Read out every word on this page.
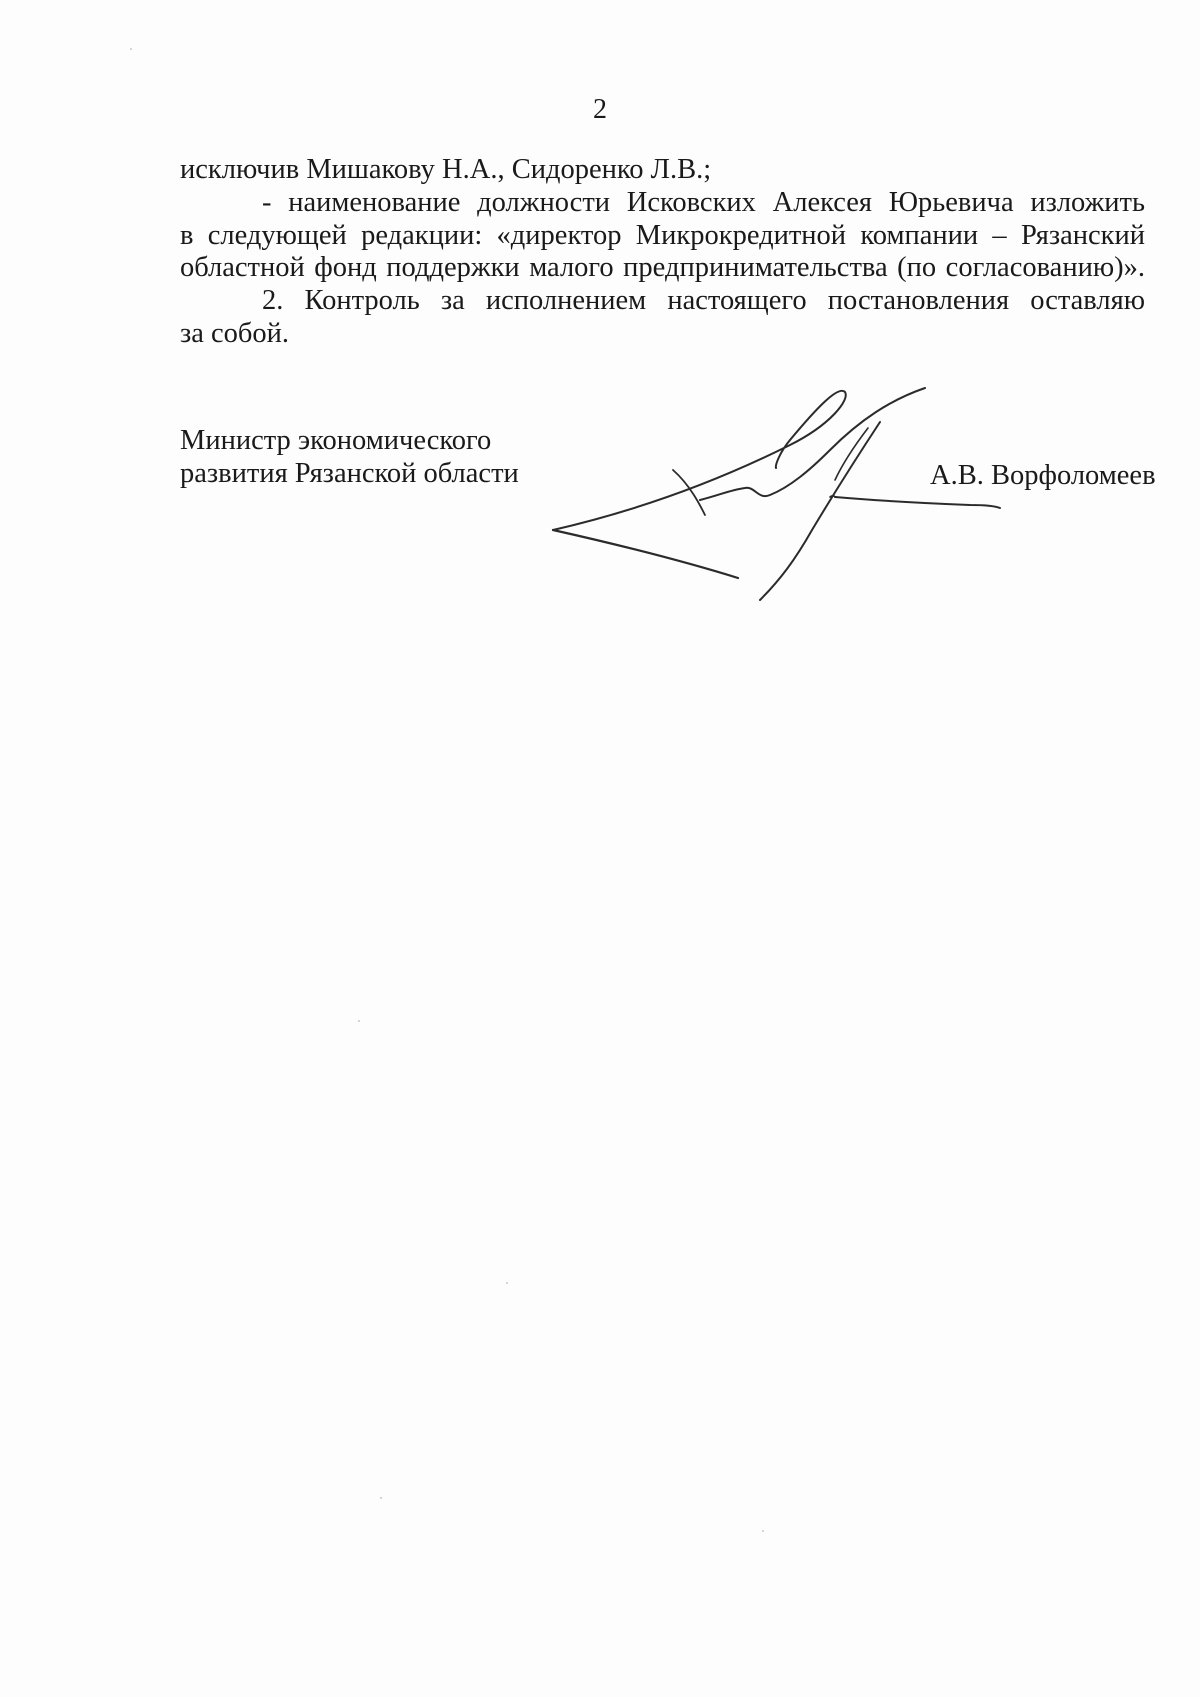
2
исключив Мишакову Н.А., Сидоренко Л.В.;
- наименование должности Исковских Алексея Юрьевича изложить
в следующей редакции: «директор Микрокредитной компании – Рязанский
областной фонд поддержки малого предпринимательства (по согласованию)».
2. Контроль за исполнением настоящего постановления оставляю
за собой.
Министр экономического
развития Рязанской области	А.В. Ворфоломеев
